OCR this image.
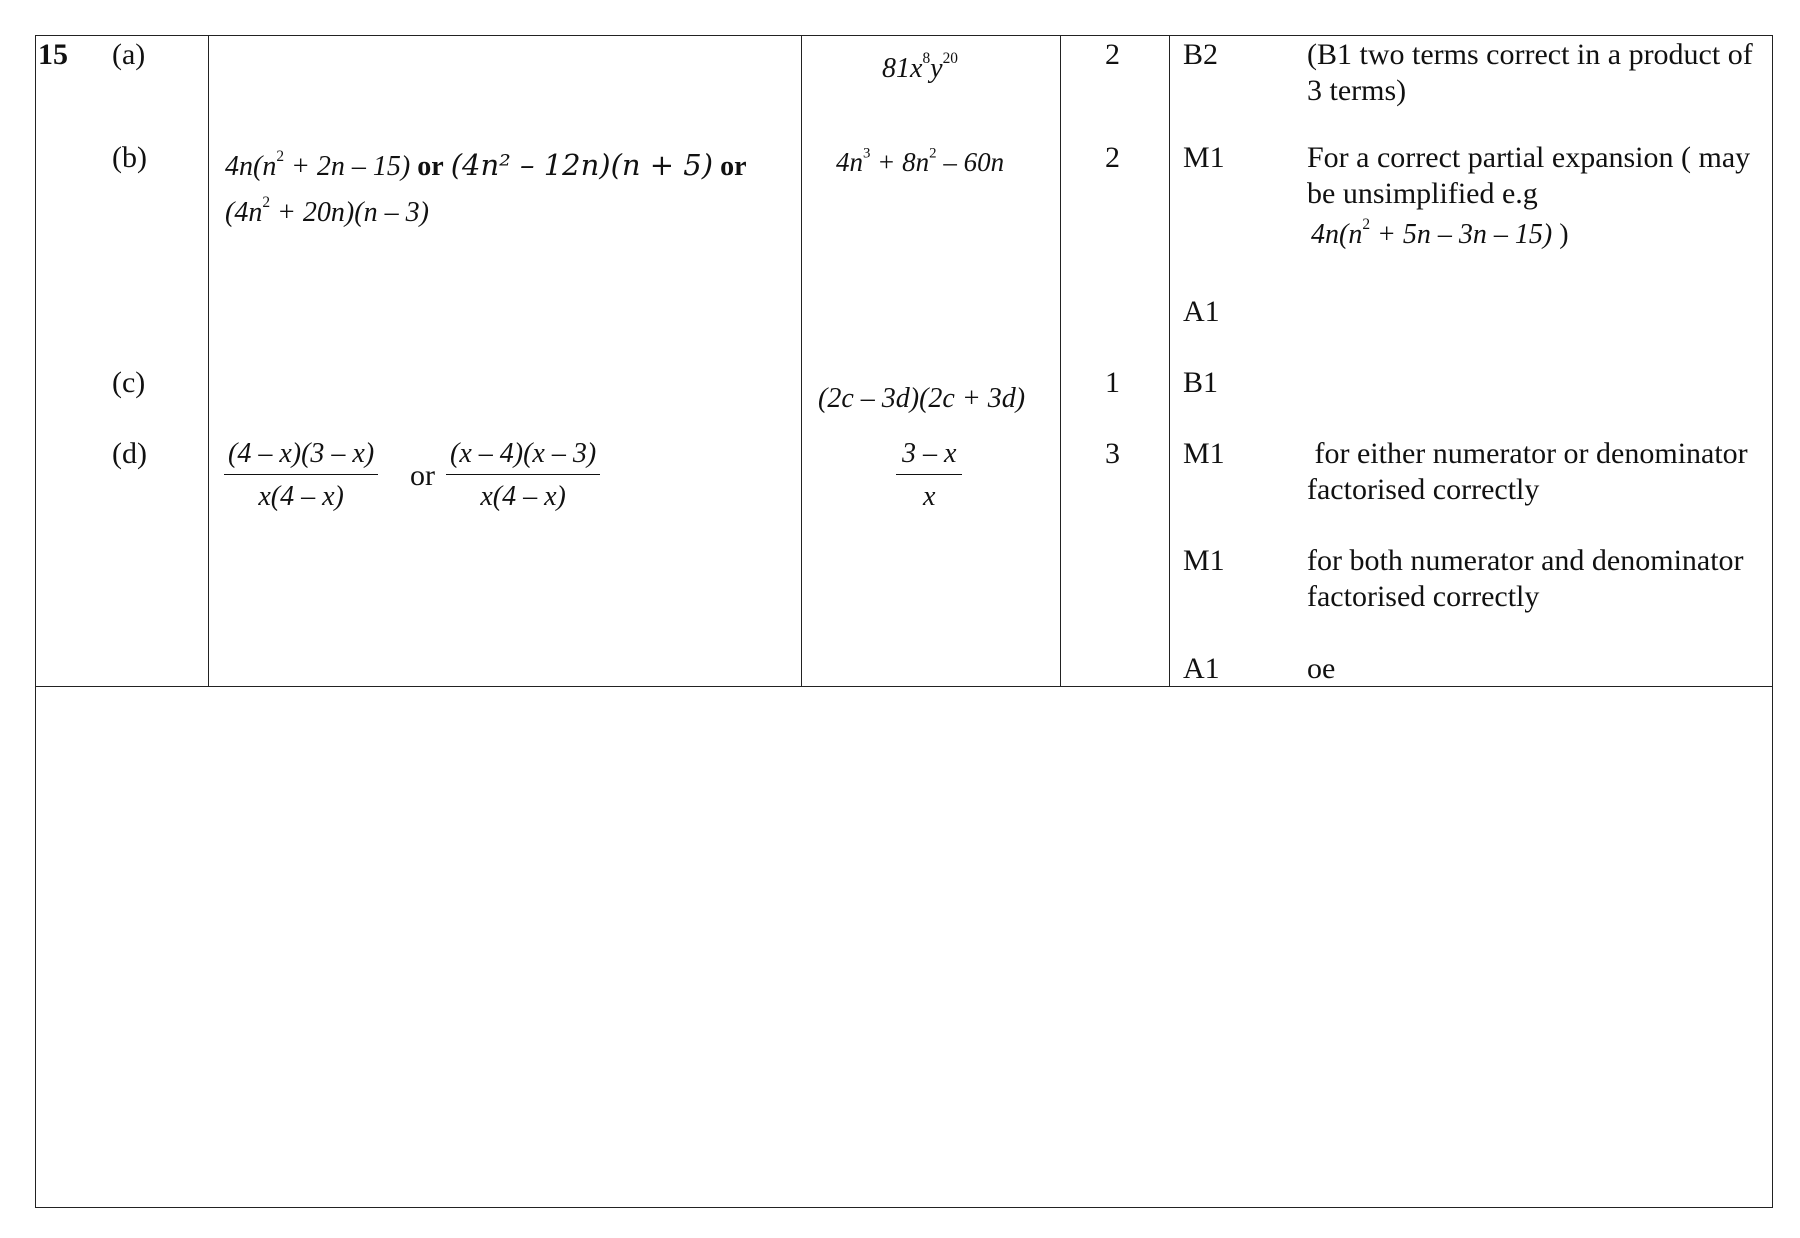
15 (a)
(b)
(c)
(d)
$4n(n^2 + 2n - 15)$ or (4n² – 12n)(n + 5) or
$(4n^2 + 20n)(n - 3)$
$\frac{(4 - x)(3 - x)}{x(4 - x)}$ or $\frac{(x - 4)(x - 3)}{x(4 - x)}$
$81x^8y^{20}$
$4n^3 + 8n^2 - 60n$
(2c – 3d)(2c + 3d)
$\frac{3 - x}{x}$
2
2
1
3
B2
M1
A1
B1
M1
M1
A1
(B1 two terms correct in a product of 3 terms)
For a correct partial expansion ( may be unsimplified e.g
$4n(n^2 + 5n - 3n - 15)$ )
for either numerator or denominator factorised correctly
for both numerator and denominator factorised correctly
oe
